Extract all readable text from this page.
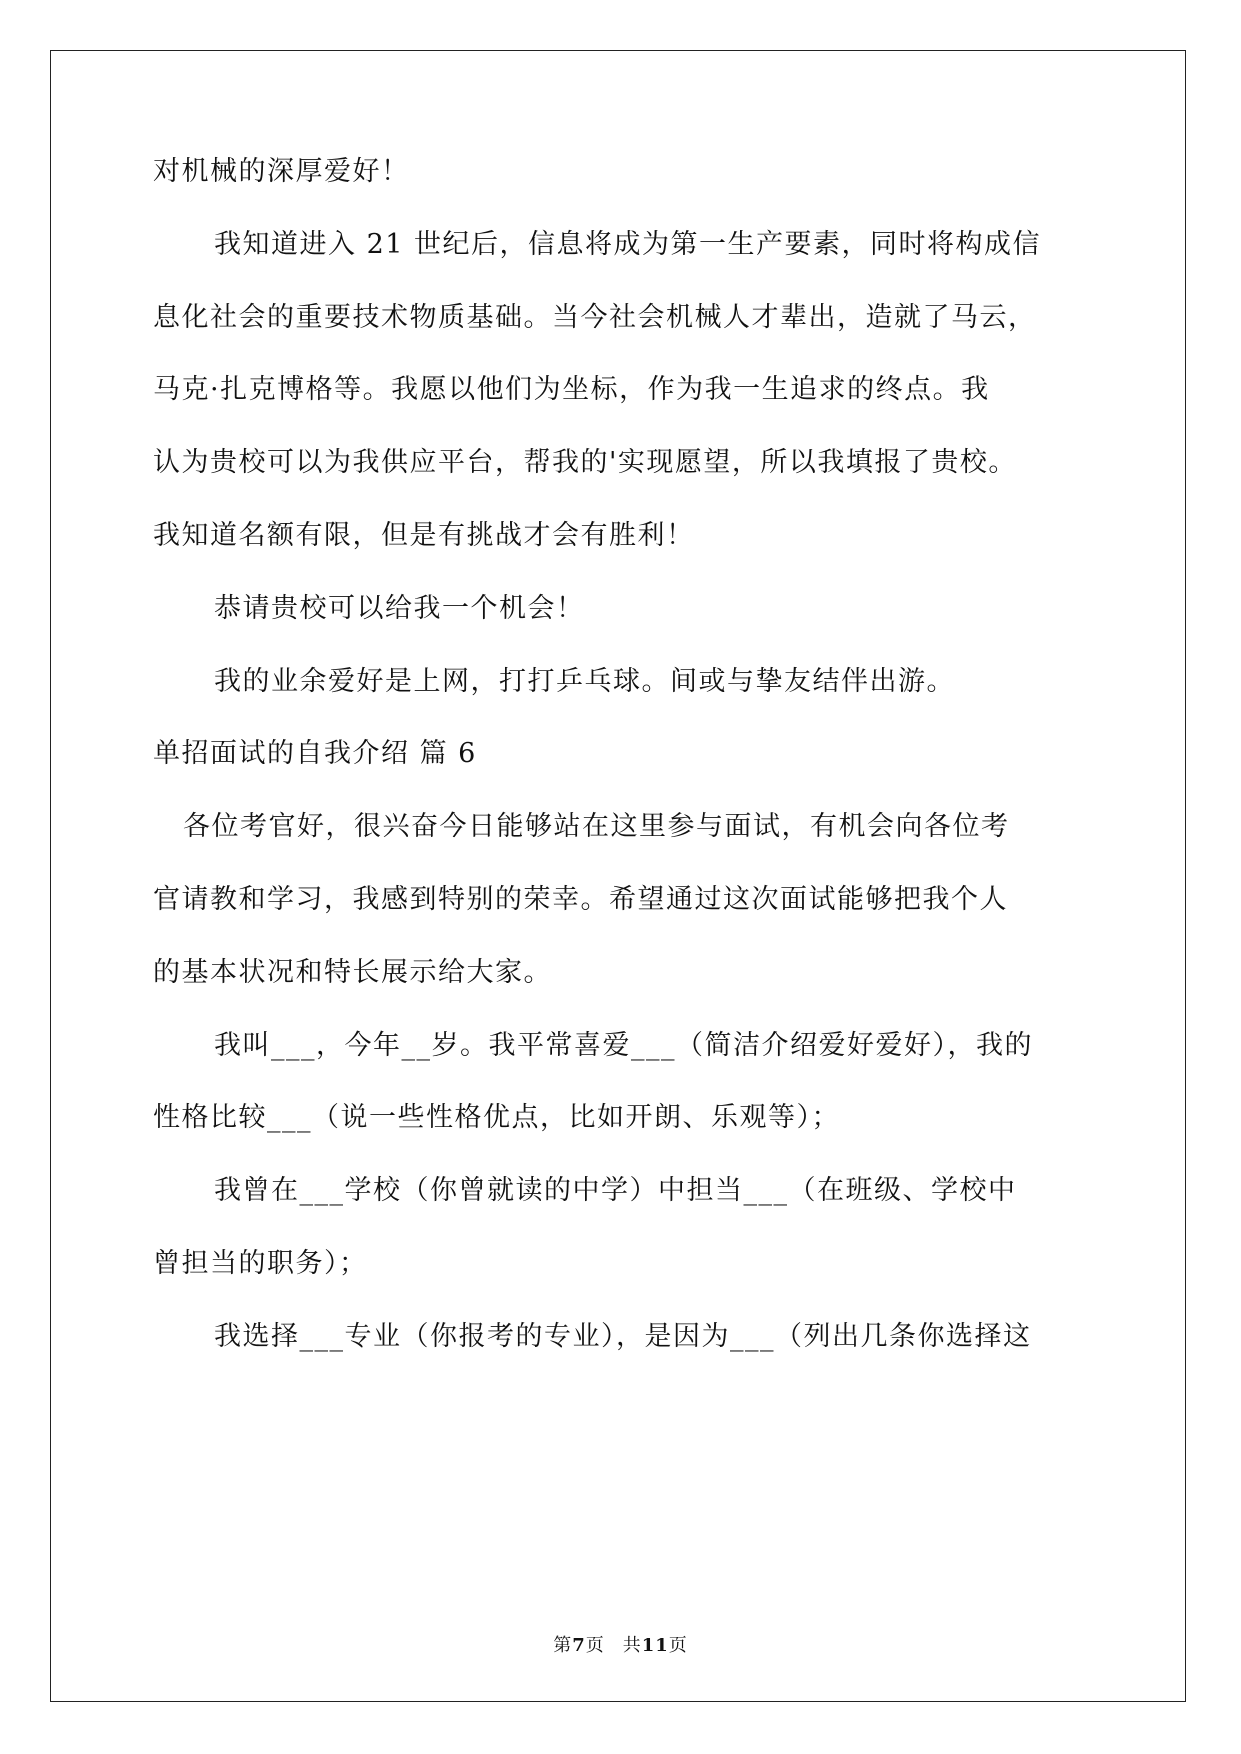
对机械的深厚爱好！
我知道进入 21 世纪后，信息将成为第一生产要素，同时将构成信
息化社会的重要技术物质基础。当今社会机械人才辈出，造就了马云，
马克·扎克博格等。我愿以他们为坐标，作为我一生追求的终点。我
认为贵校可以为我供应平台，帮我的'实现愿望，所以我填报了贵校。
我知道名额有限，但是有挑战才会有胜利！
恭请贵校可以给我一个机会！
我的业余爱好是上网，打打乒乓球。间或与挚友结伴出游。
单招面试的自我介绍 篇 6
各位考官好，很兴奋今日能够站在这里参与面试，有机会向各位考
官请教和学习，我感到特别的荣幸。希望通过这次面试能够把我个人
的基本状况和特长展示给大家。
我叫___，今年__岁。我平常喜爱___（简洁介绍爱好爱好），我的
性格比较___（说一些性格优点，比如开朗、乐观等）；
我曾在___学校（你曾就读的中学）中担当___（在班级、学校中
曾担当的职务）；
我选择___专业（你报考的专业），是因为___（列出几条你选择这
第7页 共11页
